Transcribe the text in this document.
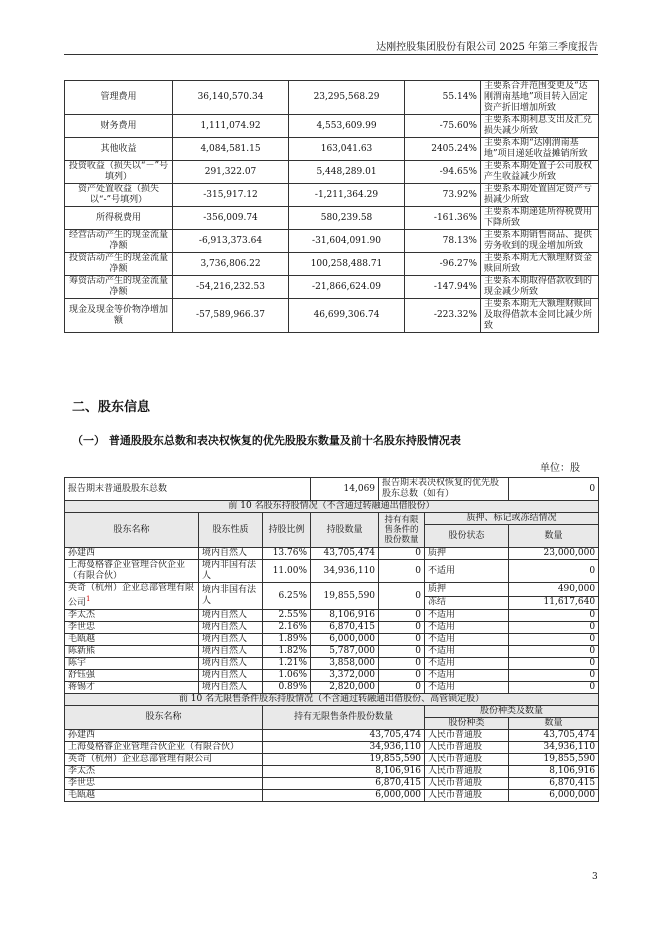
达刚控股集团股份有限公司 2025 年第三季度报告
管理费用	36,140,570.34	23,295,568.29	55.14%	主要系合并范围变更及“达刚渭南基地”项目转入固定资产折旧增加所致
财务费用	1,111,074.92	4,553,609.99	-75.60%	主要系本期利息支出及汇兑损失减少所致
其他收益	4,084,581.15	163,041.63	2405.24%	主要系本期“达刚渭南基地”项目递延收益摊销所致
投资收益（损失以“－”号填列）	291,322.07	5,448,289.01	-94.65%	主要系本期处置子公司股权产生收益减少所致
资产处置收益（损失以“-”号填列）	-315,917.12	-1,211,364.29	73.92%	主要系本期处置固定资产亏损减少所致
所得税费用	-356,009.74	580,239.58	-161.36%	主要系本期递延所得税费用下降所致
经营活动产生的现金流量净额	-6,913,373.64	-31,604,091.90	78.13%	主要系本期销售商品、提供劳务收到的现金增加所致
投资活动产生的现金流量净额	3,736,806.22	100,258,488.71	-96.27%	主要系本期无大额理财资金赎回所致
筹资活动产生的现金流量净额	-54,216,232.53	-21,866,624.09	-147.94%	主要系本期取得借款收到的现金减少所致
现金及现金等价物净增加额	-57,589,966.37	46,699,306.74	-223.32%	主要系本期无大额理财赎回及取得借款本金同比减少所致
二、股东信息
（一） 普通股股东总数和表决权恢复的优先股股东数量及前十名股东持股情况表
单位：股
报告期末普通股股东总数			14,069	报告期末表决权恢复的优先股股东总数（如有）		0
前 10 名股东持股情况（不含通过转融通出借股份）						
股东名称	股东性质	持股比例	持股数量	持有有限售条件的股份数量	质押、标记或冻结情况	
					股份状态	数量
孙建西	境内自然人	13.76%	43,705,474	0	质押	23,000,000
上海曼格睿企业管理合伙企业（有限合伙）	境内非国有法人	11.00%	34,936,110	0	不适用	0
英奇（杭州）企业总部管理有限公司$^1$	境内非国有法人	6.25%	19,855,590	0	质押	490,000
					冻结	11,617,640
李太杰	境内自然人	2.55%	8,106,916	0	不适用	0
李世忠	境内自然人	2.16%	6,870,415	0	不适用	0
毛瓯越	境内自然人	1.89%	6,000,000	0	不适用	0
陈新熊	境内自然人	1.82%	5,787,000	0	不适用	0
陈宇	境内自然人	1.21%	3,858,000	0	不适用	0
舒钰强	境内自然人	1.06%	3,372,000	0	不适用	0
蒋锡才	境内自然人	0.89%	2,820,000	0	不适用	0
前 10 名无限售条件股东持股情况（不含通过转融通出借股份、高管锁定股）						
股东名称		持有无限售条件股份数量			股份种类及数量	
					股份种类	数量
孙建西		43,705,474			人民币普通股	43,705,474
上海曼格睿企业管理合伙企业（有限合伙）		34,936,110			人民币普通股	34,936,110
英奇（杭州）企业总部管理有限公司		19,855,590			人民币普通股	19,855,590
李太杰		8,106,916			人民币普通股	8,106,916
李世忠		6,870,415			人民币普通股	6,870,415
毛瓯越		6,000,000			人民币普通股	6,000,000
3
